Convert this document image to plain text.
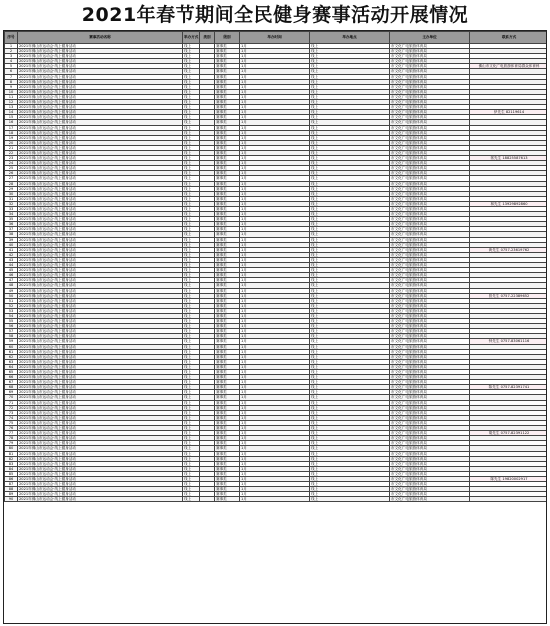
2021年春节期间全民健身赛事活动开展情况
序号	赛事活动名称	举办方式	类别	级别	举办时间	举办地点	主办单位	联系方式
1	2021年佛山市运动会·线上健身活动	线上		赛事类	1月	线上	市文化广电旅游体育局	
2	2021年佛山市运动会·线上健身活动	线上		赛事类	1月	线上	市文化广电旅游体育局	
3	2021年佛山市运动会·线上健身活动	线上		赛事类	1月	线上	市文化广电旅游体育局	
4	2021年佛山市运动会·线上健身活动	线上		赛事类	1月	线上	市文化广电旅游体育局	
5	2021年佛山市运动会·线上健身活动	线上		赛事类	1月	线上	市文化广电旅游体育局	佛山市文化广电旅游体育局群众体育科
6	2021年佛山市运动会·线上健身活动	线上		赛事类	1月	线上	市文化广电旅游体育局	
7	2021年佛山市运动会·线上健身活动	线上		赛事类	1月	线上	市文化广电旅游体育局	
8	2021年佛山市运动会·线上健身活动	线上		赛事类	1月	线上	市文化广电旅游体育局	
9	2021年佛山市运动会·线上健身活动	线上		赛事类	1月	线上	市文化广电旅游体育局	
10	2021年佛山市运动会·线上健身活动	线上		赛事类	1月	线上	市文化广电旅游体育局	
11	2021年佛山市运动会·线上健身活动	线上		赛事类	1月	线上	市文化广电旅游体育局	
12	2021年佛山市运动会·线上健身活动	线上		赛事类	1月	线上	市文化广电旅游体育局	
13	2021年佛山市运动会·线上健身活动	线上		赛事类	1月	线上	市文化广电旅游体育局	
14	2021年佛山市运动会·线上健身活动	线上		赛事类	1月	线上	市文化广电旅游体育局	伊先生 82119614
15	2021年佛山市运动会·线上健身活动	线上		赛事类	1月	线上	市文化广电旅游体育局	
16	2021年佛山市运动会·线上健身活动	线上		赛事类	1月	线上	市文化广电旅游体育局	
17	2021年佛山市运动会·线上健身活动	线上		赛事类	1月	线上	市文化广电旅游体育局	
18	2021年佛山市运动会·线上健身活动	线上		赛事类	1月	线上	市文化广电旅游体育局	
19	2021年佛山市运动会·线上健身活动	线上		赛事类	1月	线上	市文化广电旅游体育局	
20	2021年佛山市运动会·线上健身活动	线上		赛事类	1月	线上	市文化广电旅游体育局	
21	2021年佛山市运动会·线上健身活动	线上		赛事类	1月	线上	市文化广电旅游体育局	
22	2021年佛山市运动会·线上健身活动	线上		赛事类	1月	线上	市文化广电旅游体育局	
23	2021年佛山市运动会·线上健身活动	线上		赛事类	1月	线上	市文化广电旅游体育局	郭先生 18825587613
24	2021年佛山市运动会·线上健身活动	线上		赛事类	1月	线上	市文化广电旅游体育局	
25	2021年佛山市运动会·线上健身活动	线上		赛事类	1月	线上	市文化广电旅游体育局	
26	2021年佛山市运动会·线上健身活动	线上		赛事类	1月	线上	市文化广电旅游体育局	
27	2021年佛山市运动会·线上健身活动	线上		赛事类	1月	线上	市文化广电旅游体育局	
28	2021年佛山市运动会·线上健身活动	线上		赛事类	1月	线上	市文化广电旅游体育局	
29	2021年佛山市运动会·线上健身活动	线上		赛事类	1月	线上	市文化广电旅游体育局	
30	2021年佛山市运动会·线上健身活动	线上		赛事类	1月	线上	市文化广电旅游体育局	
31	2021年佛山市运动会·线上健身活动	线上		赛事类	1月	线上	市文化广电旅游体育局	
32	2021年佛山市运动会·线上健身活动	线上		赛事类	1月	线上	市文化广电旅游体育局	林先生 13929892860
33	2021年佛山市运动会·线上健身活动	线上		赛事类	1月	线上	市文化广电旅游体育局	
34	2021年佛山市运动会·线上健身活动	线上		赛事类	1月	线上	市文化广电旅游体育局	
35	2021年佛山市运动会·线上健身活动	线上		赛事类	1月	线上	市文化广电旅游体育局	
36	2021年佛山市运动会·线上健身活动	线上		赛事类	1月	线上	市文化广电旅游体育局	
37	2021年佛山市运动会·线上健身活动	线上		赛事类	1月	线上	市文化广电旅游体育局	
38	2021年佛山市运动会·线上健身活动	线上		赛事类	1月	线上	市文化广电旅游体育局	
39	2021年佛山市运动会·线上健身活动	线上		赛事类	1月	线上	市文化广电旅游体育局	
40	2021年佛山市运动会·线上健身活动	线上		赛事类	1月	线上	市文化广电旅游体育局	
41	2021年佛山市运动会·线上健身活动	线上		赛事类	1月	线上	市文化广电旅游体育局	黄先生 0757-23619762
42	2021年佛山市运动会·线上健身活动	线上		赛事类	1月	线上	市文化广电旅游体育局	
43	2021年佛山市运动会·线上健身活动	线上		赛事类	1月	线上	市文化广电旅游体育局	
44	2021年佛山市运动会·线上健身活动	线上		赛事类	1月	线上	市文化广电旅游体育局	
45	2021年佛山市运动会·线上健身活动	线上		赛事类	1月	线上	市文化广电旅游体育局	
46	2021年佛山市运动会·线上健身活动	线上		赛事类	1月	线上	市文化广电旅游体育局	
47	2021年佛山市运动会·线上健身活动	线上		赛事类	1月	线上	市文化广电旅游体育局	
48	2021年佛山市运动会·线上健身活动	线上		赛事类	1月	线上	市文化广电旅游体育局	
49	2021年佛山市运动会·线上健身活动	线上		赛事类	1月	线上	市文化广电旅游体育局	
50	2021年佛山市运动会·线上健身活动	线上		赛事类	1月	线上	市文化广电旅游体育局	曾先生 0757-22389652
51	2021年佛山市运动会·线上健身活动	线上		赛事类	1月	线上	市文化广电旅游体育局	
52	2021年佛山市运动会·线上健身活动	线上		赛事类	1月	线上	市文化广电旅游体育局	
53	2021年佛山市运动会·线上健身活动	线上		赛事类	1月	线上	市文化广电旅游体育局	
54	2021年佛山市运动会·线上健身活动	线上		赛事类	1月	线上	市文化广电旅游体育局	
55	2021年佛山市运动会·线上健身活动	线上		赛事类	1月	线上	市文化广电旅游体育局	
56	2021年佛山市运动会·线上健身活动	线上		赛事类	1月	线上	市文化广电旅游体育局	
57	2021年佛山市运动会·线上健身活动	线上		赛事类	1月	线上	市文化广电旅游体育局	
58	2021年佛山市运动会·线上健身活动	线上		赛事类	1月	线上	市文化广电旅游体育局	
59	2021年佛山市运动会·线上健身活动	线上		赛事类	1月	线上	市文化广电旅游体育局	钟先生 0757-83061116
60	2021年佛山市运动会·线上健身活动	线上		赛事类	1月	线上	市文化广电旅游体育局	
61	2021年佛山市运动会·线上健身活动	线上		赛事类	1月	线上	市文化广电旅游体育局	
62	2021年佛山市运动会·线上健身活动	线上		赛事类	1月	线上	市文化广电旅游体育局	
63	2021年佛山市运动会·线上健身活动	线上		赛事类	1月	线上	市文化广电旅游体育局	
64	2021年佛山市运动会·线上健身活动	线上		赛事类	1月	线上	市文化广电旅游体育局	
65	2021年佛山市运动会·线上健身活动	线上		赛事类	1月	线上	市文化广电旅游体育局	
66	2021年佛山市运动会·线上健身活动	线上		赛事类	1月	线上	市文化广电旅游体育局	
67	2021年佛山市运动会·线上健身活动	线上		赛事类	1月	线上	市文化广电旅游体育局	
68	2021年佛山市运动会·线上健身活动	线上		赛事类	1月	线上	市文化广电旅游体育局	陈先生 0757-82391741
69	2021年佛山市运动会·线上健身活动	线上		赛事类	1月	线上	市文化广电旅游体育局	
70	2021年佛山市运动会·线上健身活动	线上		赛事类	1月	线上	市文化广电旅游体育局	
71	2021年佛山市运动会·线上健身活动	线上		赛事类	1月	线上	市文化广电旅游体育局	
72	2021年佛山市运动会·线上健身活动	线上		赛事类	1月	线上	市文化广电旅游体育局	
73	2021年佛山市运动会·线上健身活动	线上		赛事类	1月	线上	市文化广电旅游体育局	
74	2021年佛山市运动会·线上健身活动	线上		赛事类	1月	线上	市文化广电旅游体育局	
75	2021年佛山市运动会·线上健身活动	线上		赛事类	1月	线上	市文化广电旅游体育局	
76	2021年佛山市运动会·线上健身活动	线上		赛事类	1月	线上	市文化广电旅游体育局	
77	2021年佛山市运动会·线上健身活动	线上		赛事类	1月	线上	市文化广电旅游体育局	胡先生 0757-82391122
78	2021年佛山市运动会·线上健身活动	线上		赛事类	1月	线上	市文化广电旅游体育局	
79	2021年佛山市运动会·线上健身活动	线上		赛事类	1月	线上	市文化广电旅游体育局	
80	2021年佛山市运动会·线上健身活动	线上		赛事类	1月	线上	市文化广电旅游体育局	
81	2021年佛山市运动会·线上健身活动	线上		赛事类	1月	线上	市文化广电旅游体育局	
82	2021年佛山市运动会·线上健身活动	线上		赛事类	1月	线上	市文化广电旅游体育局	
83	2021年佛山市运动会·线上健身活动	线上		赛事类	1月	线上	市文化广电旅游体育局	
84	2021年佛山市运动会·线上健身活动	线上		赛事类	1月	线上	市文化广电旅游体育局	
85	2021年佛山市运动会·线上健身活动	线上		赛事类	1月	线上	市文化广电旅游体育局	
86	2021年佛山市运动会·线上健身活动	线上		赛事类	1月	线上	市文化广电旅游体育局	陈先生 19820002917
87	2021年佛山市运动会·线上健身活动	线上		赛事类	1月	线上	市文化广电旅游体育局	
88	2021年佛山市运动会·线上健身活动	线上		赛事类	1月	线上	市文化广电旅游体育局	
89	2021年佛山市运动会·线上健身活动	线上		赛事类	1月	线上	市文化广电旅游体育局	
90	2021年佛山市运动会·线上健身活动	线上		赛事类	1月	线上	市文化广电旅游体育局	
